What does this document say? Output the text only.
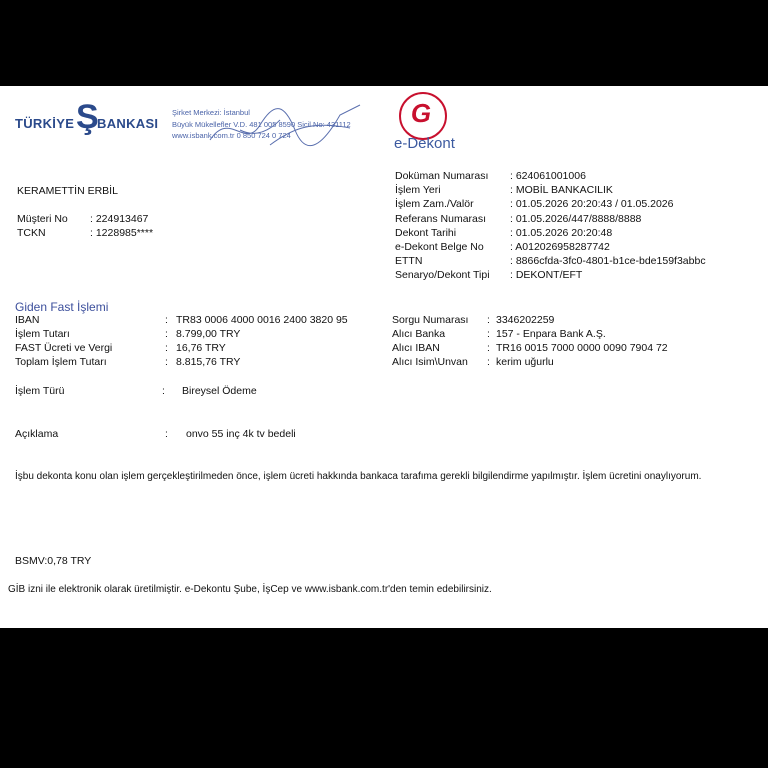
TÜRKİYE Ş
BANKASI
Şirket Merkezi: İstanbul
Büyük Mükellefler V.D. 481 005 8590 Sicil No: 431112
www.isbank.com.tr 0 850 724 0 724
G
e-Dekont
KERAMETTİN ERBİL
Müşteri No : 224913467
TCKN	: 1228985****
Doküman Numarası : 624061001006
İşlem Yeri	: MOBİL BANKACILIK
İşlem Zam./Valör	: 01.05.2026 20:20:43 / 01.05.2026
Referans Numarası : 01.05.2026/447/8888/8888
Dekont Tarihi	: 01.05.2026 20:20:48
e-Dekont Belge No	: A012026958287742
ETTN	: 8866cfda-3fc0-4801-b1ce-bde159f3abbc
Senaryo/Dekont Tipi : DEKONT/EFT
Giden Fast İşlemi
IBAN	: TR83 0006 4000 0016 2400 3820 95
İşlem Tutarı	: 8.799,00 TRY
FAST Ücreti ve Vergi	: 16,76 TRY
Toplam İşlem Tutarı	: 8.815,76 TRY
Sorgu Numarası : 3346202259
Alıcı Banka	: 157 - Enpara Bank A.Ş.
Alıcı IBAN	: TR16 0015 7000 0000 0090 7904 72
Alıcı Isim\Unvan : kerim uğurlu
İşlem Türü	: Bireysel Ödeme
Açıklama	: onvo 55 inç 4k tv bedeli
İşbu dekonta konu olan işlem gerçekleştirilmeden önce, işlem ücreti hakkında bankaca tarafıma gerekli bilgilendirme yapılmıştır. İşlem ücretini onaylıyorum.
BSMV:0,78 TRY
GİB izni ile elektronik olarak üretilmiştir. e-Dekontu Şube, İşCep ve www.isbank.com.tr'den temin edebilirsiniz.
